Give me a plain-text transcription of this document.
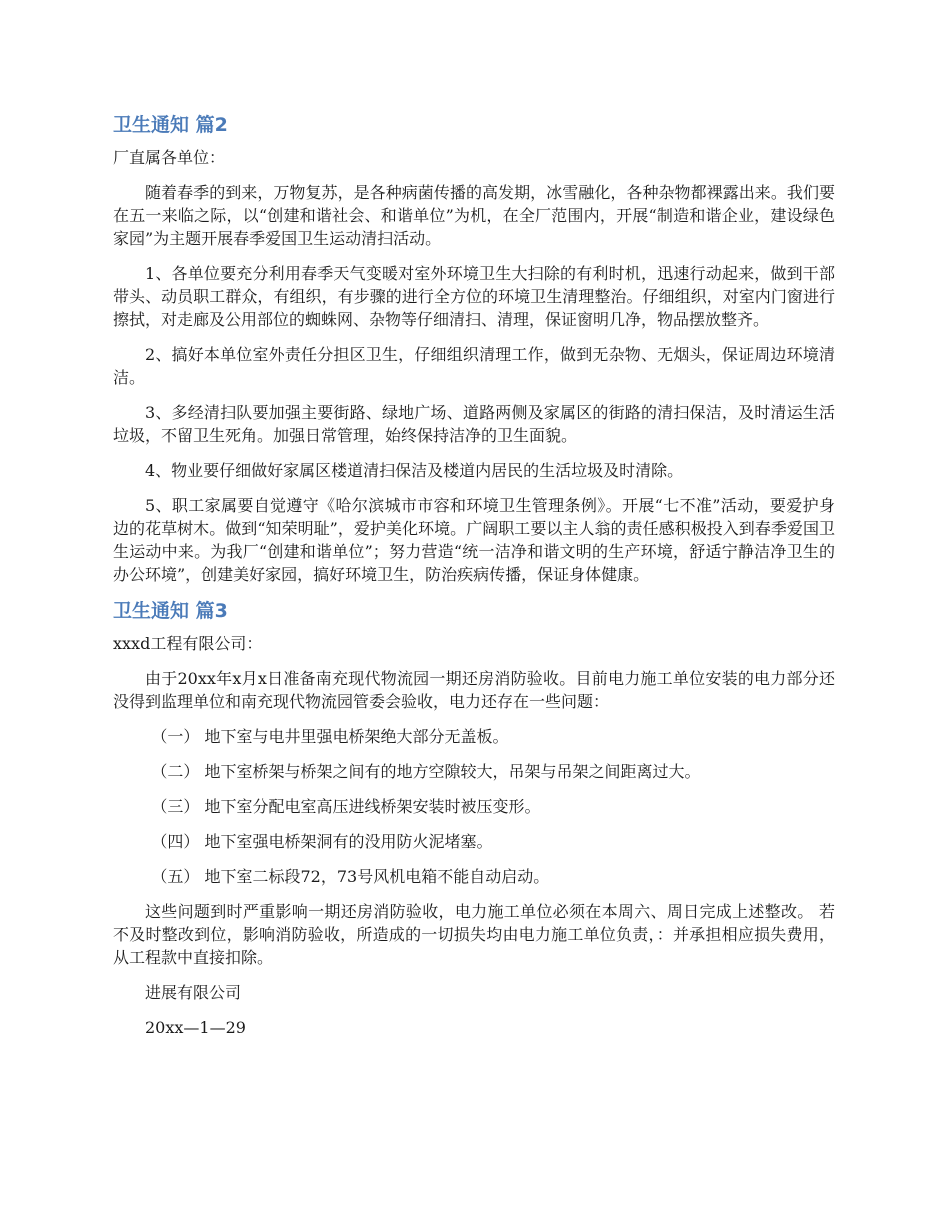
卫生通知 篇2

厂直属各单位：

随着春季的到来，万物复苏，是各种病菌传播的高发期，冰雪融化，各种杂物都裸露出来。我们要在五一来临之际，以“创建和谐社会、和谐单位”为机，在全厂范围内，开展“制造和谐企业，建设绿色家园”为主题开展春季爱国卫生运动清扫活动。

1、各单位要充分利用春季天气变暖对室外环境卫生大扫除的有利时机，迅速行动起来，做到干部带头、动员职工群众，有组织，有步骤的进行全方位的环境卫生清理整治。仔细组织，对室内门窗进行擦拭，对走廊及公用部位的蜘蛛网、杂物等仔细清扫、清理，保证窗明几净，物品摆放整齐。

2、搞好本单位室外责任分担区卫生，仔细组织清理工作，做到无杂物、无烟头，保证周边环境清洁。

3、多经清扫队要加强主要街路、绿地广场、道路两侧及家属区的街路的清扫保洁，及时清运生活垃圾，不留卫生死角。加强日常管理，始终保持洁净的卫生面貌。

4、物业要仔细做好家属区楼道清扫保洁及楼道内居民的生活垃圾及时清除。

5、职工家属要自觉遵守《哈尔滨城市市容和环境卫生管理条例》。开展“七不准”活动，要爱护身边的花草树木。做到“知荣明耻”，爱护美化环境。广阔职工要以主人翁的责任感积极投入到春季爱国卫生运动中来。为我厂“创建和谐单位”；努力营造“统一洁净和谐文明的生产环境，舒适宁静洁净卫生的办公环境”，创建美好家园，搞好环境卫生，防治疾病传播，保证身体健康。

卫生通知 篇3

xxxd工程有限公司：

由于20xx年x月x日准备南充现代物流园一期还房消防验收。目前电力施工单位安装的电力部分还没得到监理单位和南充现代物流园管委会验收，电力还存在一些问题：

（一） 地下室与电井里强电桥架绝大部分无盖板。

（二） 地下室桥架与桥架之间有的地方空隙较大，吊架与吊架之间距离过大。

（三） 地下室分配电室高压进线桥架安装时被压变形。

（四） 地下室强电桥架洞有的没用防火泥堵塞。

（五） 地下室二标段72，73号风机电箱不能自动启动。

这些问题到时严重影响一期还房消防验收，电力施工单位必须在本周六、周日完成上述整改。 若不及时整改到位，影响消防验收，所造成的一切损失均由电力施工单位负责，：并承担相应损失费用，从工程款中直接扣除。

进展有限公司

20xx—1—29
